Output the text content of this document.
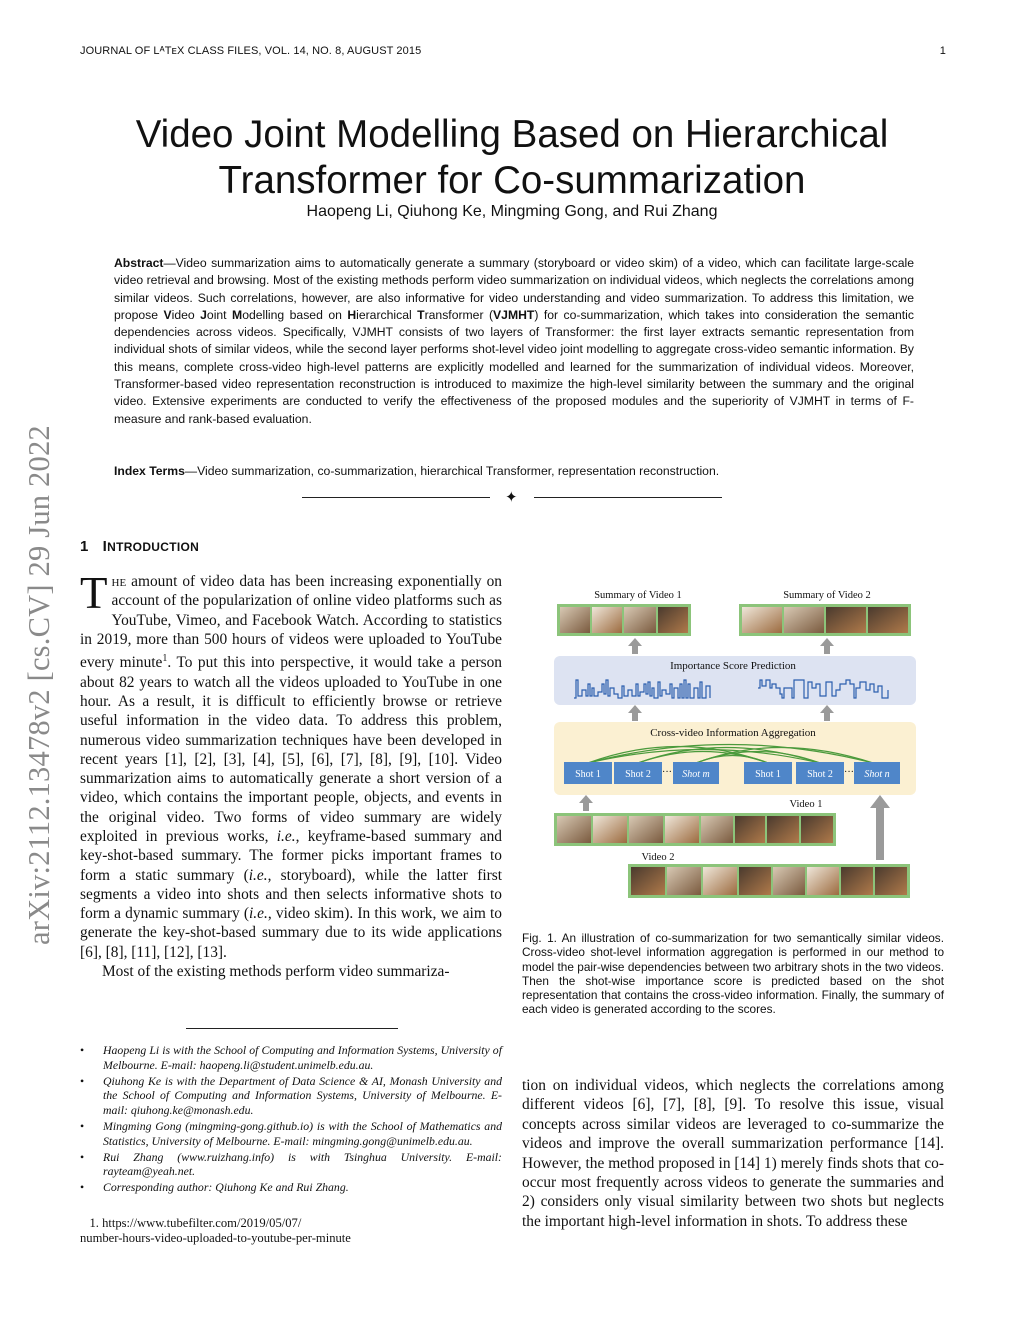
JOURNAL OF LᴬTᴇX CLASS FILES, VOL. 14, NO. 8, AUGUST 2015	1
Video Joint Modelling Based on Hierarchical Transformer for Co-summarization
Haopeng Li, Qiuhong Ke, Mingming Gong, and Rui Zhang
Abstract—Video summarization aims to automatically generate a summary (storyboard or video skim) of a video, which can facilitate large-scale video retrieval and browsing. Most of the existing methods perform video summarization on individual videos, which neglects the correlations among similar videos. Such correlations, however, are also informative for video understanding and video summarization. To address this limitation, we propose Video Joint Modelling based on Hierarchical Transformer (VJMHT) for co-summarization, which takes into consideration the semantic dependencies across videos. Specifically, VJMHT consists of two layers of Transformer: the first layer extracts semantic representation from individual shots of similar videos, while the second layer performs shot-level video joint modelling to aggregate cross-video semantic information. By this means, complete cross-video high-level patterns are explicitly modelled and learned for the summarization of individual videos. Moreover, Transformer-based video representation reconstruction is introduced to maximize the high-level similarity between the summary and the original video. Extensive experiments are conducted to verify the effectiveness of the proposed modules and the superiority of VJMHT in terms of F-measure and rank-based evaluation.
Index Terms—Video summarization, co-summarization, hierarchical Transformer, representation reconstruction.
✦
arXiv:2112.13478v2 [cs.CV] 29 Jun 2022 1 INTRODUCTION

The amount of video data has been increasing exponentially on account of the popularization of online video platforms such as YouTube, Vimeo, and Facebook Watch. According to statistics in 2019, more than 500 hours of videos were uploaded to YouTube every minute$^1$. To put this into perspective, it would take a person about 82 years to watch all the videos uploaded to YouTube in one hour. As a result, it is difficult to efficiently browse or retrieve useful information in the video data. To address this problem, numerous video summarization techniques have been developed in recent years [1], [2], [3], [4], [5], [6], [7], [8], [9], [10]. Video summarization aims to automatically generate a short version of a video, which contains the important people, objects, and events in the original video. Two forms of video summary are widely exploited in previous works, i.e., keyframe-based summary and key-shot-based summary. The former picks important frames to form a static summary (i.e., storyboard), while the latter first segments a video into shots and then selects informative shots to form a dynamic summary (i.e., video skim). In this work, we aim to generate the key-shot-based summary due to its wide applications [6], [8], [11], [12], [13].

Most of the existing methods perform video summariza-

• Haopeng Li is with the School of Computing and Information Systems, University of Melbourne. E-mail: haopeng.li@student.unimelb.edu.au.
• Qiuhong Ke is with the Department of Data Science & AI, Monash University and the School of Computing and Information Systems, University of Melbourne. E-mail: qiuhong.ke@monash.edu.
• Mingming Gong (mingming-gong.github.io) is with the School of Mathematics and Statistics, University of Melbourne. E-mail: mingming.gong@unimelb.edu.au.
• Rui Zhang (www.ruizhang.info) is with Tsinghua University. E-mail: rayteam@yeah.net.
• Corresponding author: Qiuhong Ke and Rui Zhang.
1. https://www.tubefilter.com/2019/05/07/
number-hours-video-uploaded-to-youtube-per-minute
Summary of Video 1	Summary of Video 2
Importance Score Prediction
Cross-video Information Aggregation
Shot 1 Shot 2 ··· Shot m	Shot 1	Shot 2 ··· Shot n
Video 1
Video 2
Fig. 1. An illustration of co-summarization for two semantically similar videos. Cross-video shot-level information aggregation is performed in our method to model the pair-wise dependencies between two arbitrary shots in the two videos. Then the shot-wise importance score is predicted based on the shot representation that contains the cross-video information. Finally, the summary of each video is generated according to the scores.

tion on individual videos, which neglects the correlations among different videos [6], [7], [8], [9]. To resolve this issue, visual concepts across similar videos are leveraged to co-summarize the videos and improve the overall summarization performance [14]. However, the method proposed in [14] 1) merely finds shots that co-occur most frequently across videos to generate the summaries and 2) considers only visual similarity between two shots but neglects the important high-level information in shots. To address these
